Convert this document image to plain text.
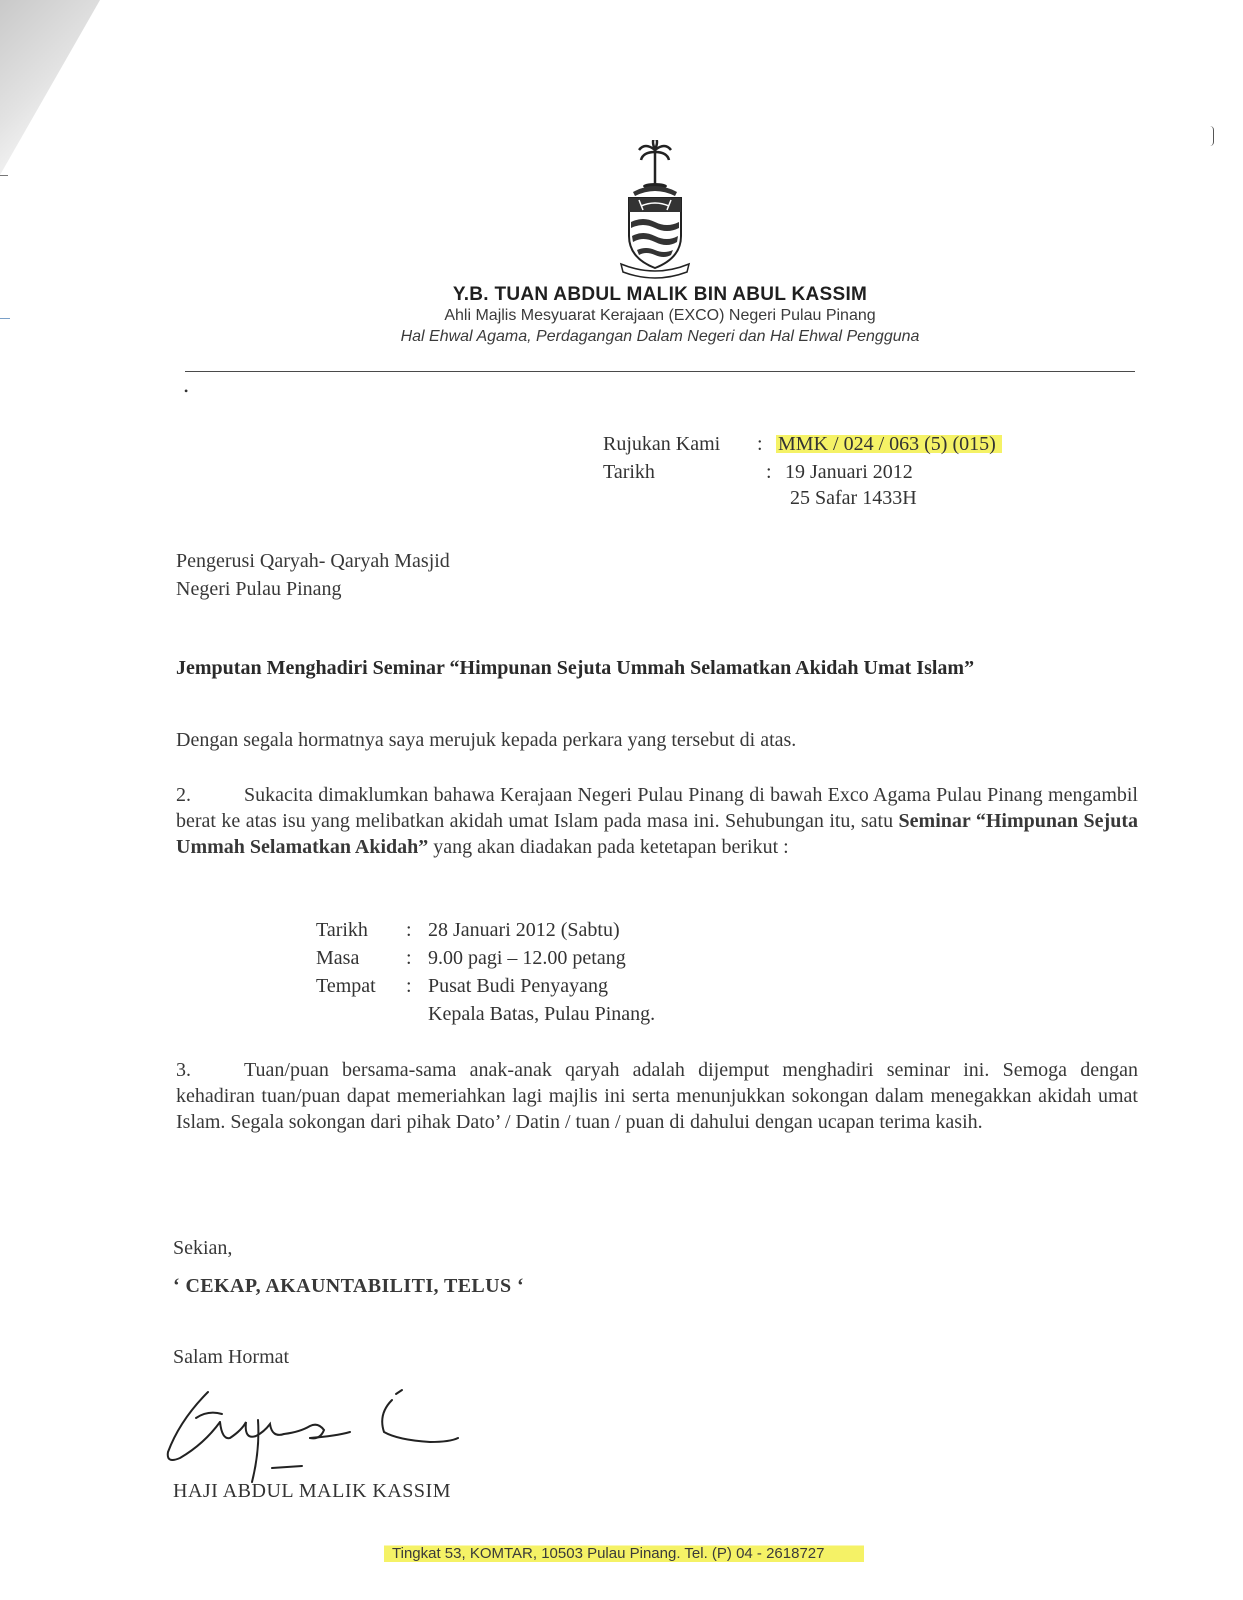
Y.B. TUAN ABDUL MALIK BIN ABUL KASSIM
Ahli Majlis Mesyuarat Kerajaan (EXCO) Negeri Pulau Pinang
Hal Ehwal Agama, Perdagangan Dalam Negeri dan Hal Ehwal Pengguna
•
Rujukan Kami : MMK / 024 / 063 (5) (015)
Tarikh	: 19 Januari 2012
25 Safar 1433H
Pengerusi Qaryah- Qaryah Masjid
Negeri Pulau Pinang
Jemputan Menghadiri Seminar “Himpunan Sejuta Ummah Selamatkan Akidah Umat Islam”
Dengan segala hormatnya saya merujuk kepada perkara yang tersebut di atas.
2.	Sukacita dimaklumkan bahawa Kerajaan Negeri Pulau Pinang di bawah Exco Agama Pulau Pinang mengambil berat ke atas isu yang melibatkan akidah umat Islam pada masa ini. Sehubungan itu, satu Seminar “Himpunan Sejuta Ummah Selamatkan Akidah” yang akan diadakan pada ketetapan berikut :
Tarikh	:	28 Januari 2012 (Sabtu)
Masa	:	9.00 pagi – 12.00 petang
Tempat	:	Pusat Budi Penyayang
		Kepala Batas, Pulau Pinang.
3.	Tuan/puan bersama-sama anak-anak qaryah adalah dijemput menghadiri seminar ini. Semoga dengan kehadiran tuan/puan dapat memeriahkan lagi majlis ini serta menunjukkan sokongan dalam menegakkan akidah umat Islam. Segala sokongan dari pihak Dato’ / Datin / tuan / puan di dahului dengan ucapan terima kasih.
Sekian,
‘ CEKAP, AKAUNTABILITI, TELUS ‘
Salam Hormat
HAJI ABDUL MALIK KASSIM
Tingkat 53, KOMTAR, 10503 Pulau Pinang. Tel. (P) 04 - 2618727
